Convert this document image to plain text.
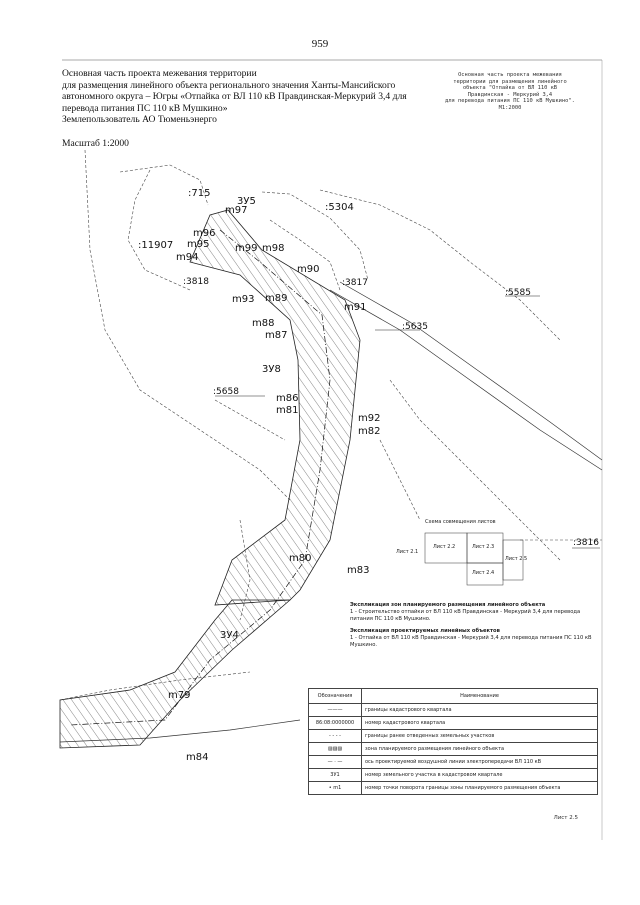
959
Основная часть проекта межевания территории
для размещения линейного объекта регионального значения Ханты-Мансийского
автономного округа – Югры «Отпайка от ВЛ 110 кВ Правдинская-Меркурий 3,4 для
перевода питания ПС 110 кВ Мушкино»
Землепользователь АО Тюменьэнерго
Масштаб 1:2000
Основная часть проекта межевания
территории для размещения линейного
объекта "Отпайка от ВЛ 110 кВ
Правдинская - Меркурий 3,4
для перевода питания ПС 110 кВ Мушкино".
М1:2000
:715
3У5
:5304
:11907
:3818	:3817
:5585
:5635
3У8
:5658
:3816
3У4
m97
m96
m95
m94
m98
m99
m90
m93 m89
m91
m88
m87
m86
m81
m92
m82
m80
m83
m79
m84
Схема совмещения листов
Лист 2.1
Лист 2.2	Лист 2.3
Лист 2.4
Лист 2.5
Экспликация зон планируемого размещения линейного объекта
1 - Строительство отпайки от ВЛ 110 кВ Правдинская - Меркурий 3,4 для перевода питания ПС 110 кВ Мушкино.
Экспликация проектируемых линейных объектов
1 - Отпайка от ВЛ 110 кВ Правдинская - Меркурий 3,4 для перевода питания ПС 110 кВ Мушкино.
Обозначения	Наименование
———	границы кадастрового квартала
86:08:0000000	номер кадастрового квартала
- - - -	границы ранее отведенных земельных участков
▨▨▨	зона планируемого размещения линейного объекта
— · —	ось проектируемой воздушной линии электропередачи ВЛ 110 кВ
3У1	номер земельного участка в кадастровом квартале
• m1	номер точки поворота границы зоны планируемого размещения объекта
Лист 2.5
